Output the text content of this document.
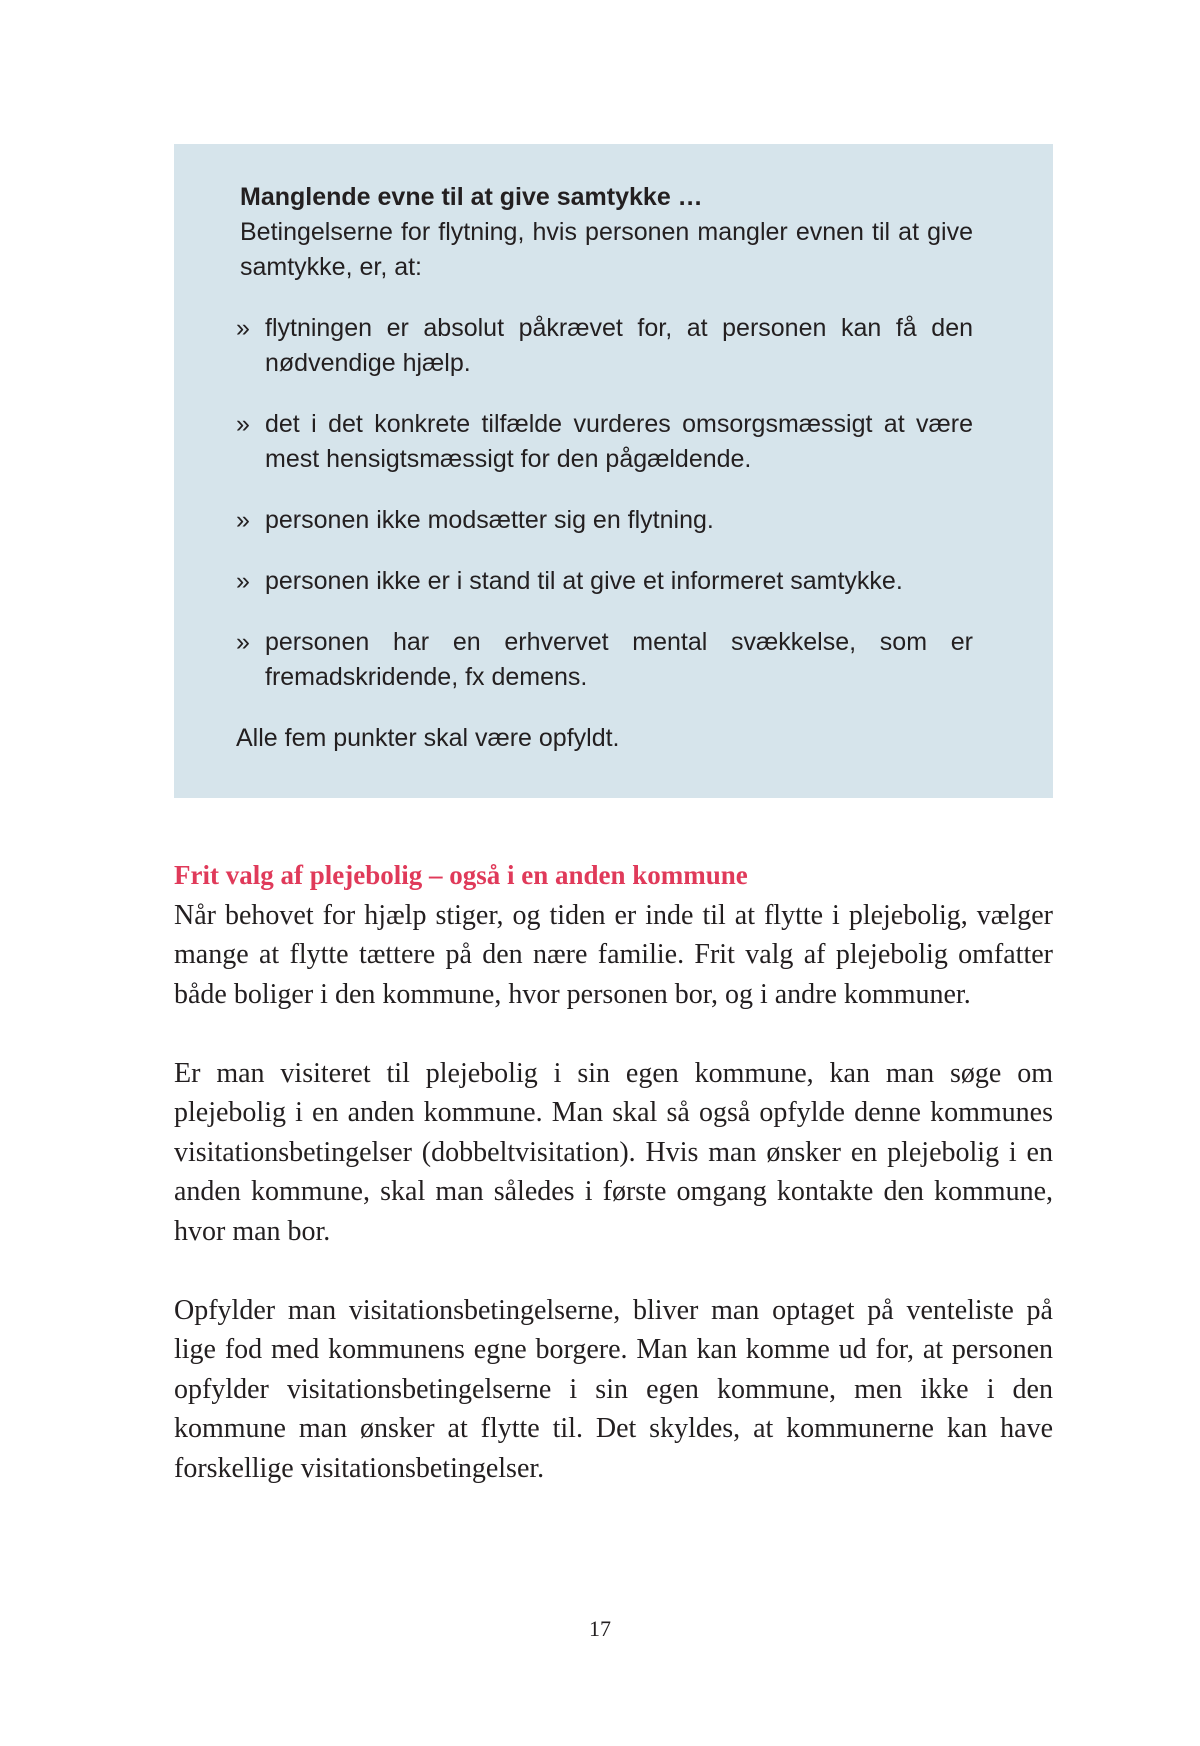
Manglende evne til at give samtykke …
Betingelserne for flytning, hvis personen mangler evnen til at give samtykke, er, at:
» flytningen er absolut påkrævet for, at personen kan få den nødvendige hjælp.
» det i det konkrete tilfælde vurderes omsorgsmæssigt at være mest hensigtsmæssigt for den pågældende.
» personen ikke modsætter sig en flytning.
» personen ikke er i stand til at give et informeret samtykke.
» personen har en erhvervet mental svækkelse, som er fremadskridende, fx demens.
Alle fem punkter skal være opfyldt.
Frit valg af plejebolig – også i en anden kommune

Når behovet for hjælp stiger, og tiden er inde til at flytte i plejebolig, vælger mange at flytte tættere på den nære familie. Frit valg af plejebolig omfatter både boliger i den kommune, hvor personen bor, og i andre kommuner.

Er man visiteret til plejebolig i sin egen kommune, kan man søge om plejebolig i en anden kommune. Man skal så også opfylde denne kommunes visitationsbetingelser (dobbeltvisitation). Hvis man ønsker en plejebolig i en anden kommune, skal man således i første omgang kontakte den kommune, hvor man bor.

Opfylder man visitationsbetingelserne, bliver man optaget på venteliste på lige fod med kommunens egne borgere. Man kan komme ud for, at personen opfylder visitationsbetingelserne i sin egen kommune, men ikke i den kommune man ønsker at flytte til. Det skyldes, at kommunerne kan have forskellige visitationsbetingelser.

17
